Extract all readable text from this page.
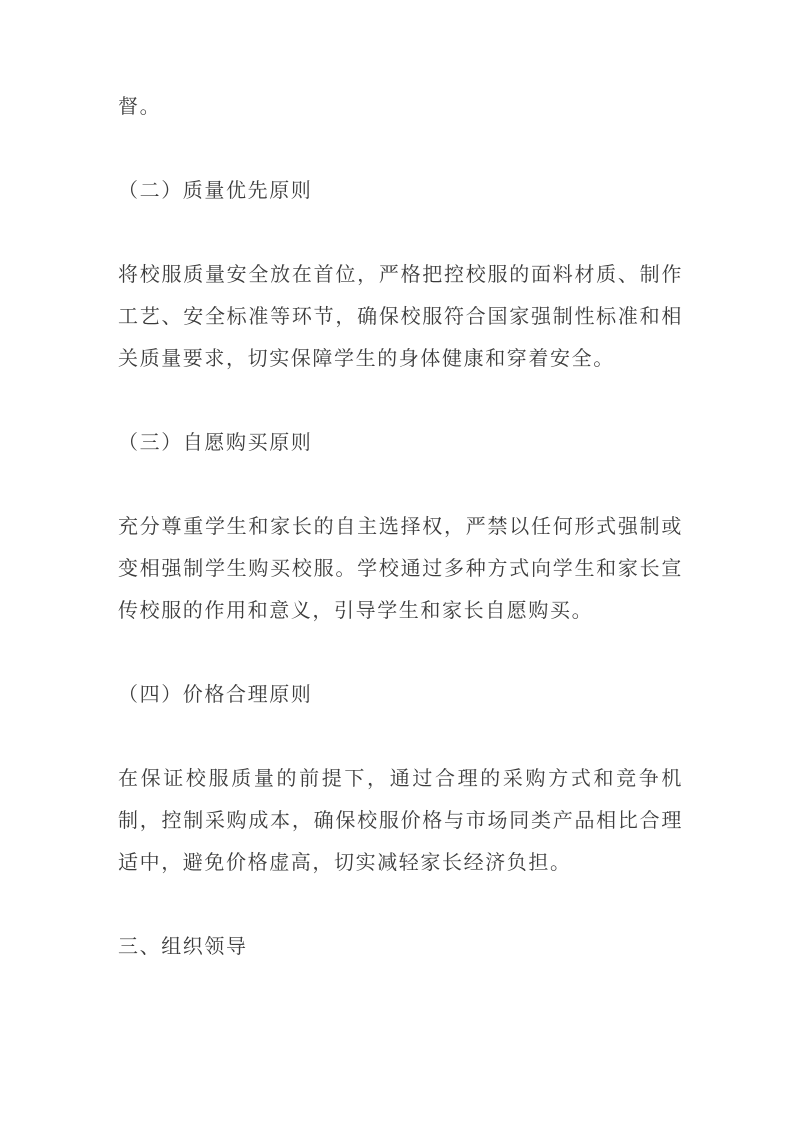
督。

（二）质量优先原则

将校服质量安全放在首位，严格把控校服的面料材质、制作工艺、安全标准等环节，确保校服符合国家强制性标准和相关质量要求，切实保障学生的身体健康和穿着安全。

（三）自愿购买原则

充分尊重学生和家长的自主选择权，严禁以任何形式强制或变相强制学生购买校服。学校通过多种方式向学生和家长宣传校服的作用和意义，引导学生和家长自愿购买。

（四）价格合理原则

在保证校服质量的前提下，通过合理的采购方式和竞争机制，控制采购成本，确保校服价格与市场同类产品相比合理适中，避免价格虚高，切实减轻家长经济负担。

三、组织领导
